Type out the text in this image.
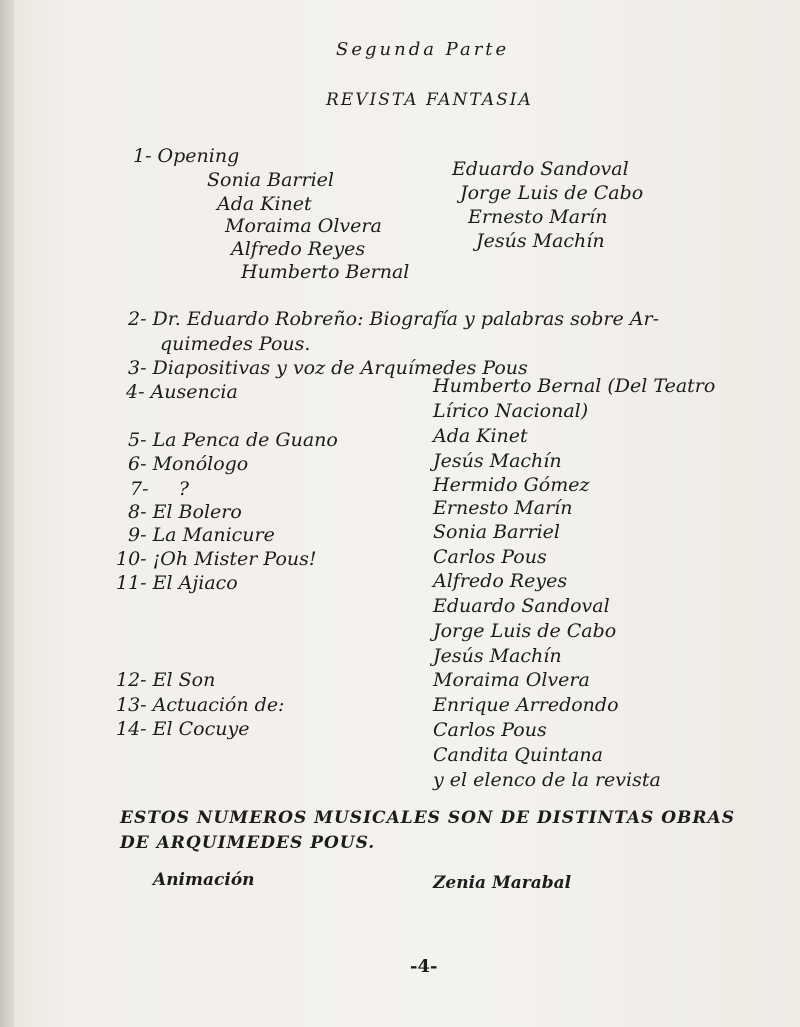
Segunda Parte
REVISTA FANTASIA
1- Opening
Sonia Barriel
Ada Kinet
Moraima Olvera
Alfredo Reyes
Humberto Bernal
Eduardo Sandoval
Jorge Luis de Cabo
Ernesto Marín
Jesús Machín
2- Dr. Eduardo Robreño: Biografía y palabras sobre Ar-
quimedes Pous.
3- Diapositivas y voz de Arquímedes Pous
4- Ausencia	Humberto Bernal (Del Teatro
Lírico Nacional)
5- La Penca de Guano	Ada Kinet
6- Monólogo	Jesús Machín
7- ?	Hermido Gómez
8- El Bolero	Ernesto Marín
9- La Manicure	Sonia Barriel
10- ¡Oh Mister Pous!	Carlos Pous
11- El Ajiaco	Alfredo Reyes
Eduardo Sandoval
Jorge Luis de Cabo
Jesús Machín
12- El Son	Moraima Olvera
13- Actuación de:	Enrique Arredondo
14- El Cocuye	Carlos Pous
Candita Quintana
y el elenco de la revista
ESTOS NUMEROS MUSICALES SON DE DISTINTAS OBRAS
DE ARQUIMEDES POUS.
Animación	Zenia Marabal
-4-
